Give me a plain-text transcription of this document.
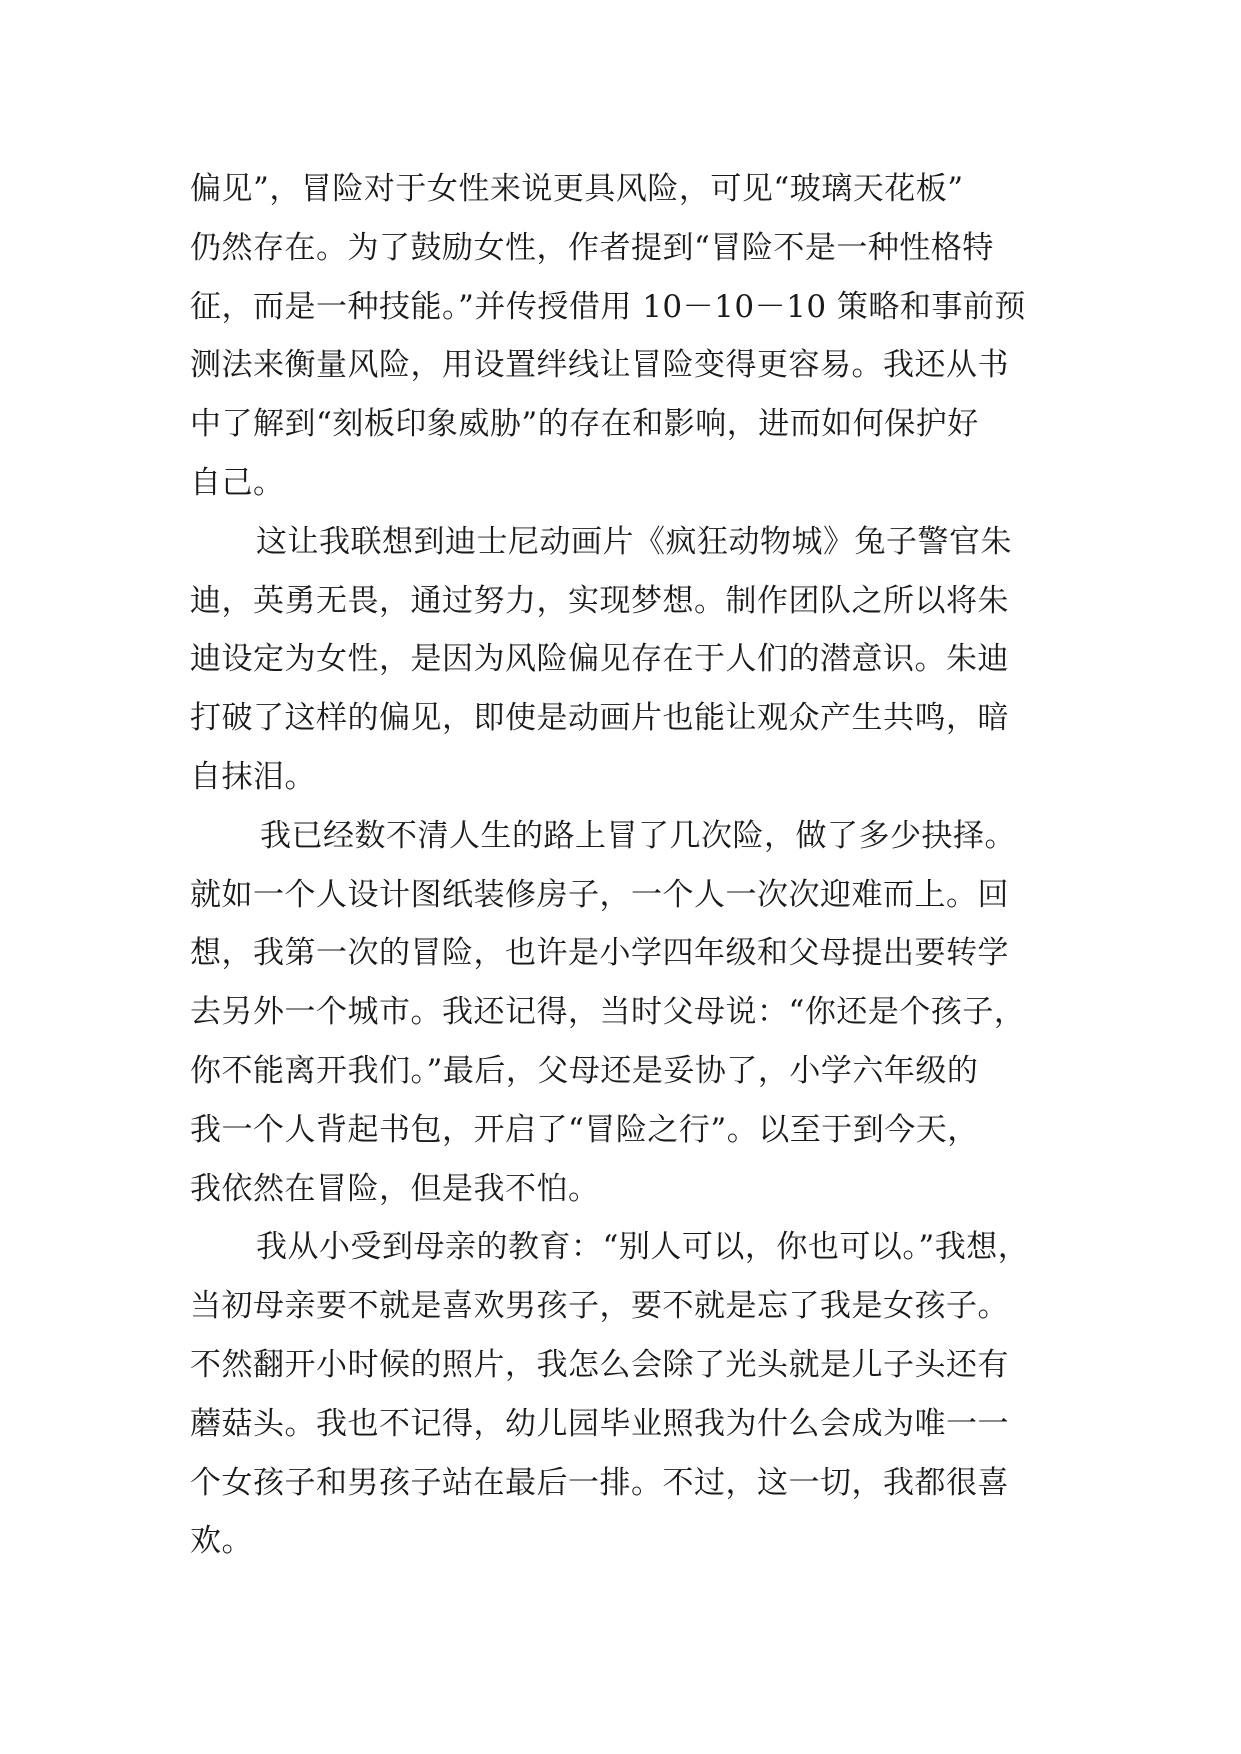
偏见”，冒险对于女性来说更具风险，可见“玻璃天花板”
仍然存在。为了鼓励女性，作者提到“冒险不是一种性格特
征，而是一种技能。”并传授借用 10－10－10 策略和事前预
测法来衡量风险，用设置绊线让冒险变得更容易。我还从书
中了解到“刻板印象威胁”的存在和影响，进而如何保护好
自己。
这让我联想到迪士尼动画片《疯狂动物城》兔子警官朱
迪，英勇无畏，通过努力，实现梦想。制作团队之所以将朱
迪设定为女性，是因为风险偏见存在于人们的潜意识。朱迪
打破了这样的偏见，即使是动画片也能让观众产生共鸣，暗
自抹泪。
我已经数不清人生的路上冒了几次险，做了多少抉择。
就如一个人设计图纸装修房子，一个人一次次迎难而上。回
想，我第一次的冒险，也许是小学四年级和父母提出要转学
去另外一个城市。我还记得，当时父母说：“你还是个孩子，
你不能离开我们。”最后，父母还是妥协了，小学六年级的
我一个人背起书包，开启了“冒险之行”。以至于到今天，
我依然在冒险，但是我不怕。
我从小受到母亲的教育：“别人可以，你也可以。”我想，
当初母亲要不就是喜欢男孩子，要不就是忘了我是女孩子。
不然翻开小时候的照片，我怎么会除了光头就是儿子头还有
蘑菇头。我也不记得，幼儿园毕业照我为什么会成为唯一一
个女孩子和男孩子站在最后一排。不过，这一切，我都很喜
欢。
